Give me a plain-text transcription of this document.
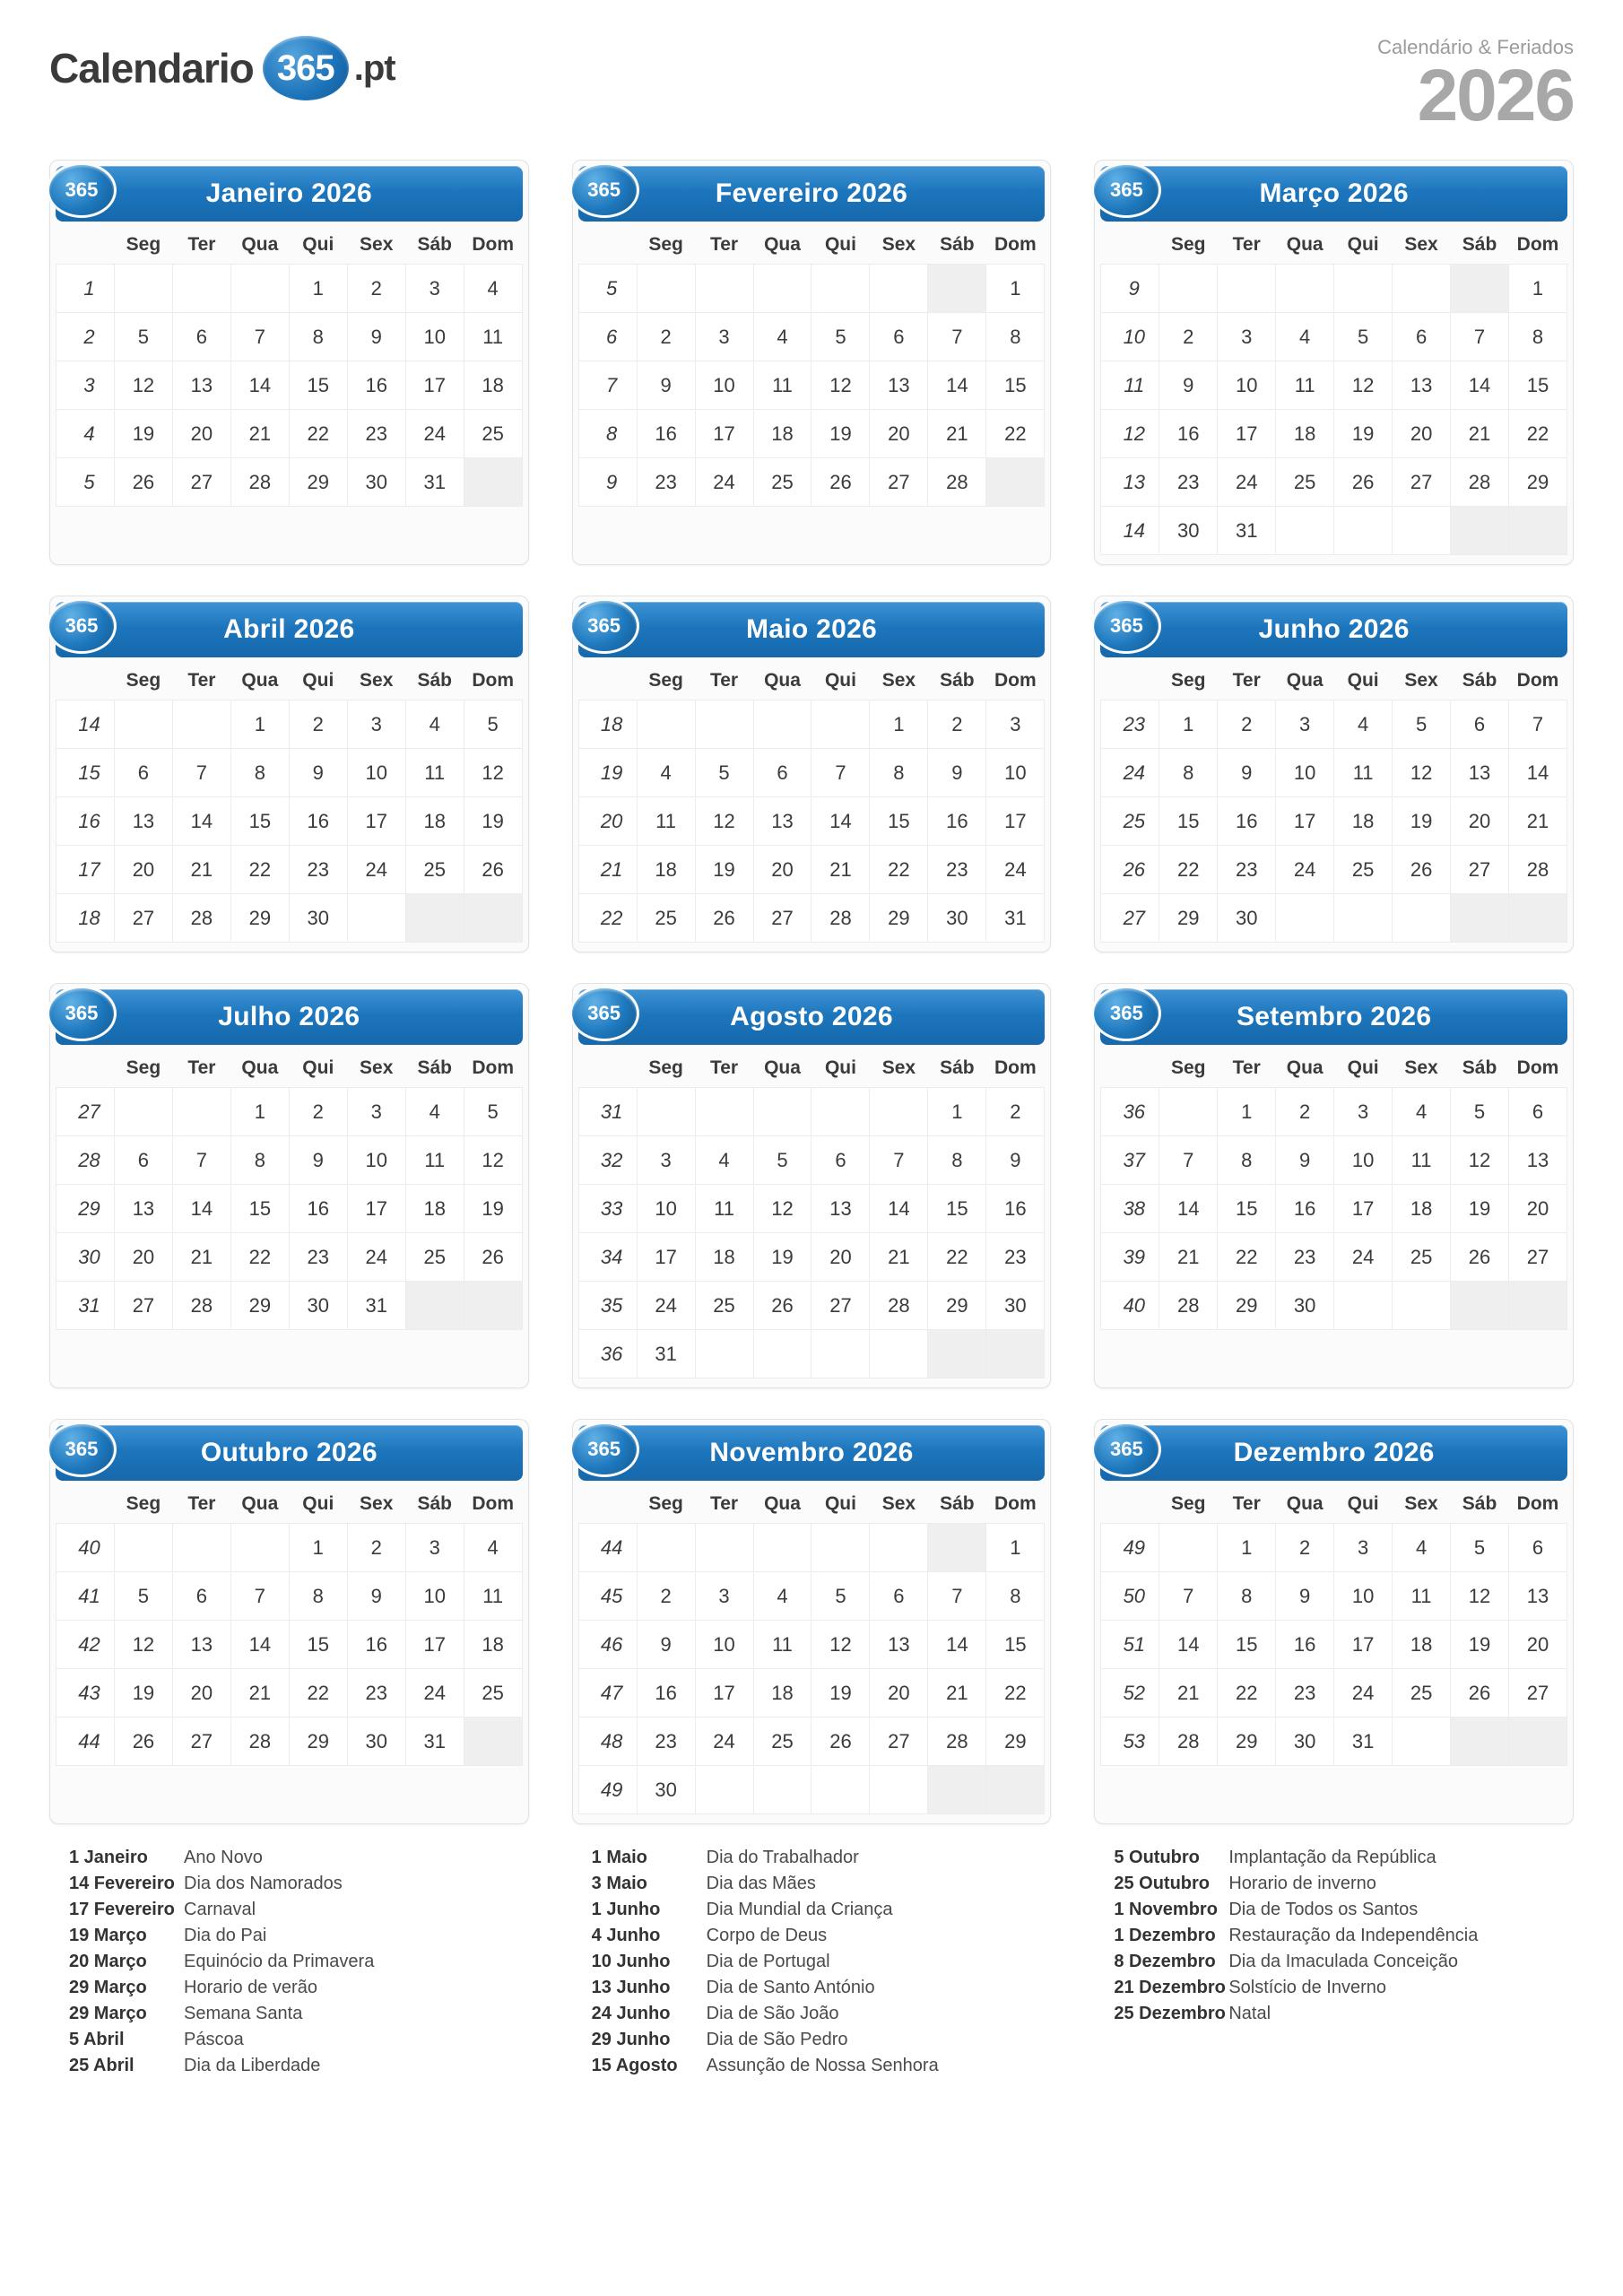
Calendario 365 .pt
Calendário & Feriados
2026
365	Janeiro 2026
	Seg	Ter	Qua	Qui	Sex	Sáb	Dom
1				1	2	3	4
2	5	6	7	8	9	10	11
3	12	13	14	15	16	17	18
4	19	20	21	22	23	24	25
5	26	27	28	29	30	31	
365	Fevereiro 2026
	Seg	Ter	Qua	Qui	Sex	Sáb	Dom
5							1
6	2	3	4	5	6	7	8
7	9	10	11	12	13	14	15
8	16	17	18	19	20	21	22
9	23	24	25	26	27	28	
365	Março 2026
	Seg	Ter	Qua	Qui	Sex	Sáb	Dom
9							1
10	2	3	4	5	6	7	8
11	9	10	11	12	13	14	15
12	16	17	18	19	20	21	22
13	23	24	25	26	27	28	29
14	30	31					
365	Abril 2026
	Seg	Ter	Qua	Qui	Sex	Sáb	Dom
14			1	2	3	4	5
15	6	7	8	9	10	11	12
16	13	14	15	16	17	18	19
17	20	21	22	23	24	25	26
18	27	28	29	30			
365	Maio 2026
	Seg	Ter	Qua	Qui	Sex	Sáb	Dom
18					1	2	3
19	4	5	6	7	8	9	10
20	11	12	13	14	15	16	17
21	18	19	20	21	22	23	24
22	25	26	27	28	29	30	31
365	Junho 2026
	Seg	Ter	Qua	Qui	Sex	Sáb	Dom
23	1	2	3	4	5	6	7
24	8	9	10	11	12	13	14
25	15	16	17	18	19	20	21
26	22	23	24	25	26	27	28
27	29	30					
365	Julho 2026
	Seg	Ter	Qua	Qui	Sex	Sáb	Dom
27			1	2	3	4	5
28	6	7	8	9	10	11	12
29	13	14	15	16	17	18	19
30	20	21	22	23	24	25	26
31	27	28	29	30	31		
365	Agosto 2026
	Seg	Ter	Qua	Qui	Sex	Sáb	Dom
31						1	2
32	3	4	5	6	7	8	9
33	10	11	12	13	14	15	16
34	17	18	19	20	21	22	23
35	24	25	26	27	28	29	30
36	31						
365	Setembro 2026
	Seg	Ter	Qua	Qui	Sex	Sáb	Dom
36		1	2	3	4	5	6
37	7	8	9	10	11	12	13
38	14	15	16	17	18	19	20
39	21	22	23	24	25	26	27
40	28	29	30				
365	Outubro 2026
	Seg	Ter	Qua	Qui	Sex	Sáb	Dom
40				1	2	3	4
41	5	6	7	8	9	10	11
42	12	13	14	15	16	17	18
43	19	20	21	22	23	24	25
44	26	27	28	29	30	31	
365	Novembro 2026
	Seg	Ter	Qua	Qui	Sex	Sáb	Dom
44							1
45	2	3	4	5	6	7	8
46	9	10	11	12	13	14	15
47	16	17	18	19	20	21	22
48	23	24	25	26	27	28	29
49	30						
365	Dezembro 2026
	Seg	Ter	Qua	Qui	Sex	Sáb	Dom
49		1	2	3	4	5	6
50	7	8	9	10	11	12	13
51	14	15	16	17	18	19	20
52	21	22	23	24	25	26	27
53	28	29	30	31			
1 Janeiro	Ano Novo
14 Fevereiro Dia dos Namorados
17 Fevereiro Carnaval
19 Março	Dia do Pai
20 Março	Equinócio da Primavera
29 Março	Horario de verão
29 Março	Semana Santa
5 Abril	Páscoa
25 Abril	Dia da Liberdade
1 Maio	Dia do Trabalhador
3 Maio	Dia das Mães
1 Junho	Dia Mundial da Criança
4 Junho	Corpo de Deus
10 Junho	Dia de Portugal
13 Junho	Dia de Santo António
24 Junho	Dia de São João
29 Junho	Dia de São Pedro
15 Agosto	Assunção de Nossa Senhora
5 Outubro	Implantação da República
25 Outubro	Horario de inverno
1 Novembro Dia de Todos os Santos
1 Dezembro Restauração da Independência
8 Dezembro Dia da Imaculada Conceição
21 Dezembro Solstício de Inverno
25 Dezembro Natal
